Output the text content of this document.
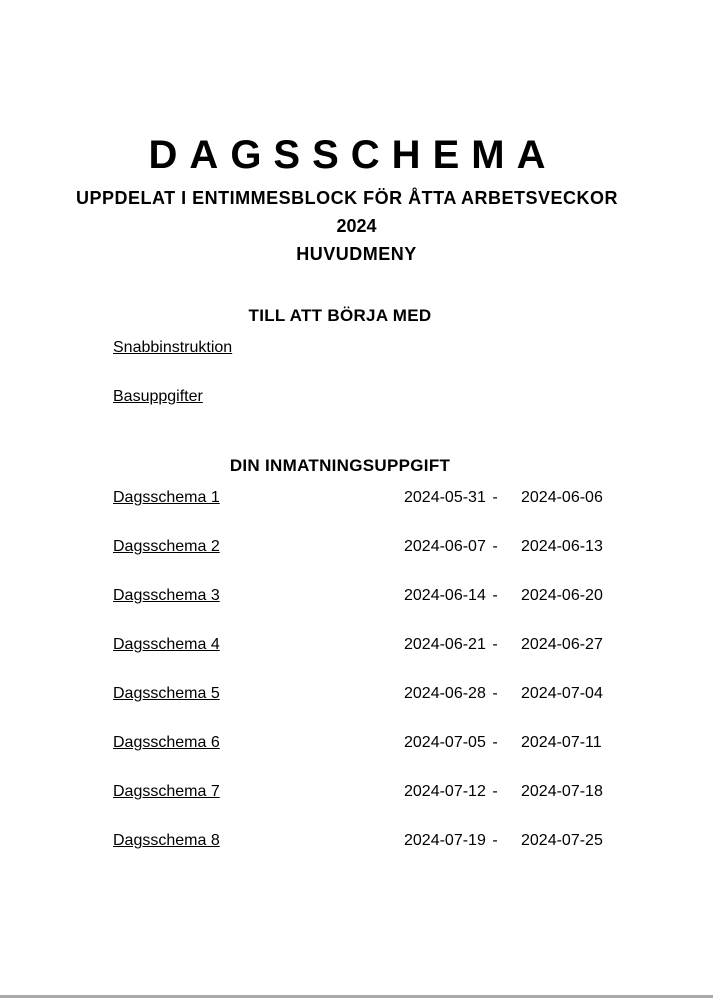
DAGSSCHEMA
UPPDELAT I ENTIMMESBLOCK FÖR ÅTTA ARBETSVECKOR
2024
HUVUDMENY
TILL ATT BÖRJA MED
Snabbinstruktion
Basuppgifter
DIN INMATNINGSUPPGIFT
Dagsschema 1	2024-05-31 -	2024-06-06
Dagsschema 2	2024-06-07 -	2024-06-13
Dagsschema 3	2024-06-14 -	2024-06-20
Dagsschema 4	2024-06-21 -	2024-06-27
Dagsschema 5	2024-06-28 -	2024-07-04
Dagsschema 6	2024-07-05 -	2024-07-11
Dagsschema 7	2024-07-12 -	2024-07-18
Dagsschema 8	2024-07-19 -	2024-07-25
